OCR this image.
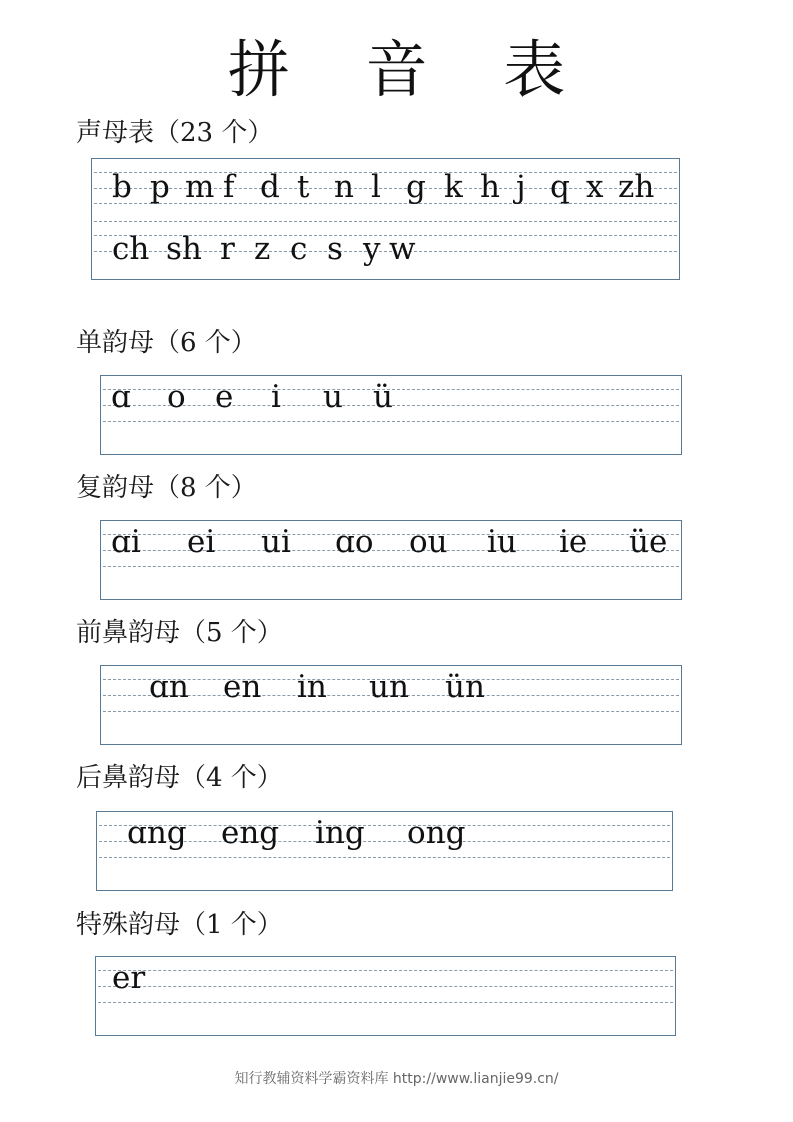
拼 音 表
声母表（23 个）
b p m f d t n l g k h j q x zh
ch sh r z c s y w
单韵母（6 个）
ɑ o e i u ü
复韵母（8 个）
ɑi ei ui ɑo ou iu ie üe
前鼻韵母（5 个）
ɑn en in un ün
后鼻韵母（4 个）
ɑng eng ing ong
特殊韵母（1 个）
er
知行教辅资料学霸资料库 http://www.lianjie99.cn/
